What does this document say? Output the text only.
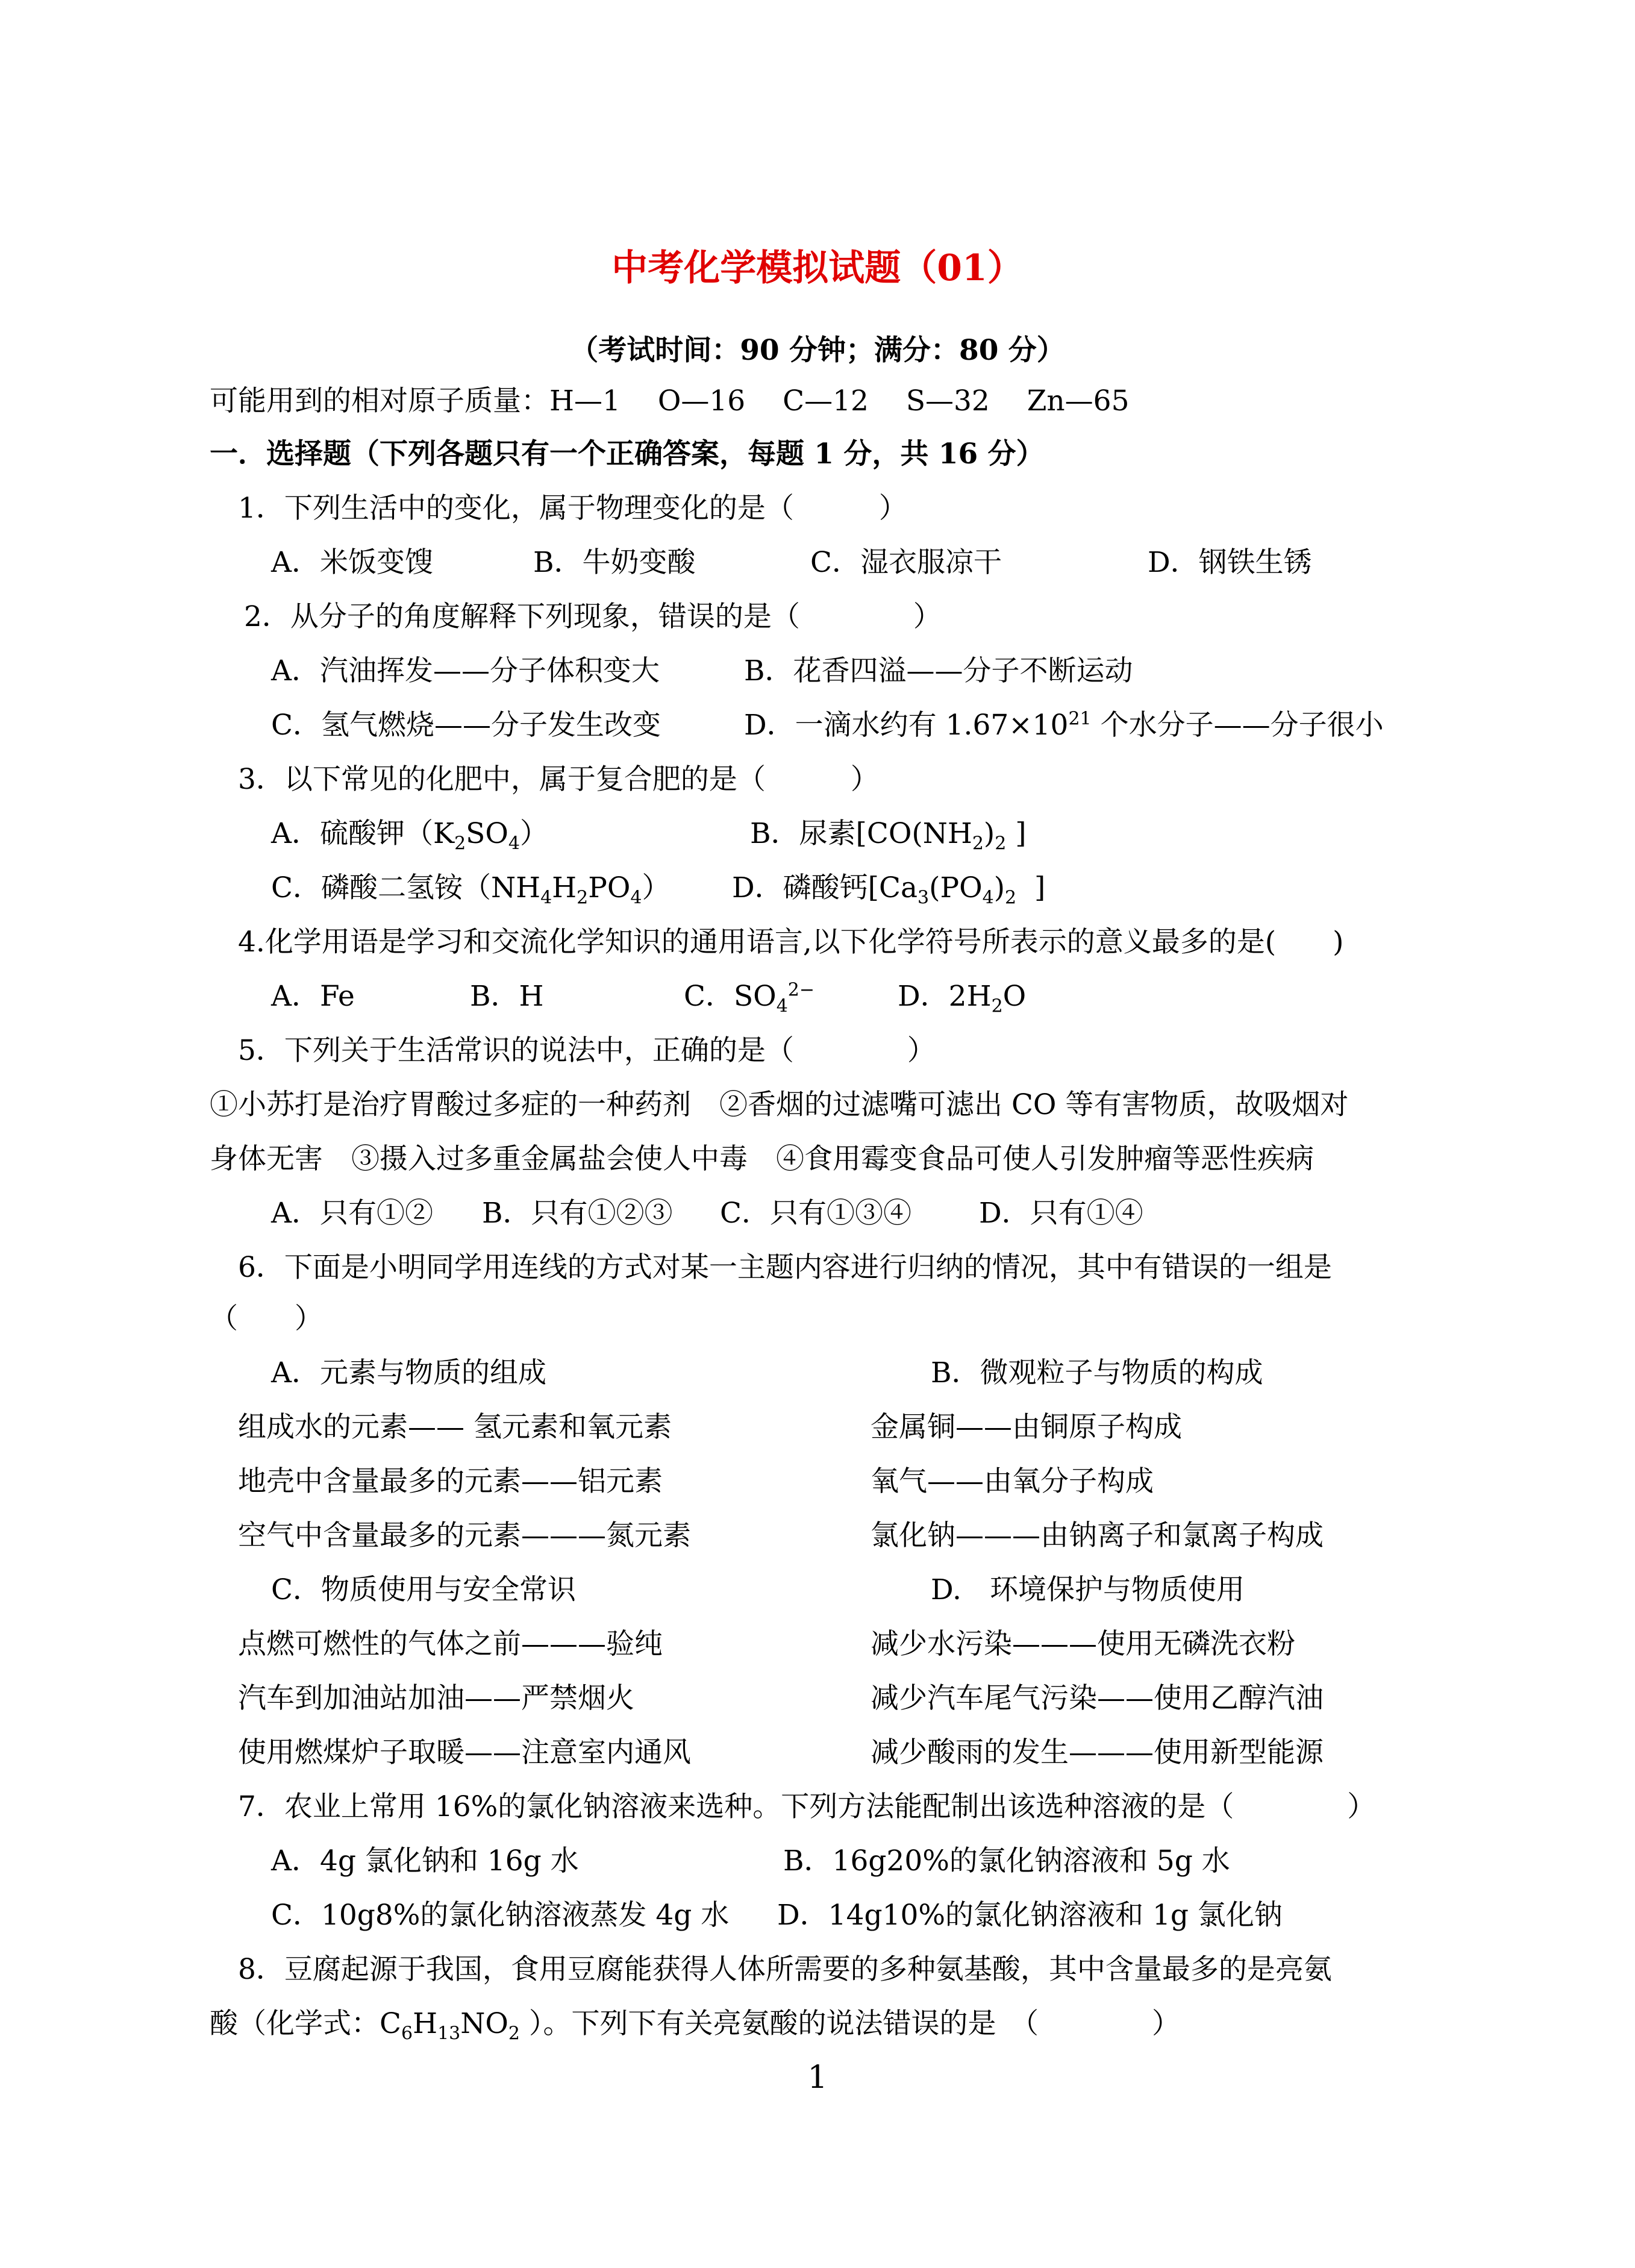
中考化学模拟试题（01）
（考试时间：90 分钟；满分：80 分）
可能用到的相对原子质量：H—1　 O—16　 C—12　 S—32　 Zn—65
一．选择题（下列各题只有一个正确答案，每题 1 分，共 16 分）
1．下列生活中的变化，属于物理变化的是（　　　）
A．米饭变馊	B．牛奶变酸	C．湿衣服凉干	D．钢铁生锈
2．从分子的角度解释下列现象，错误的是（　　　　）
A．汽油挥发——分子体积变大	B．花香四溢——分子不断运动
C．氢气燃烧——分子发生改变	D．一滴水约有 $1.67\times 10^{21}$ 个水分子——分子很小
3．以下常见的化肥中，属于复合肥的是（　　　）
A．硫酸钾$(K_2SO_4)$	B．尿素[$CO(NH_2)_2$ ]
C．磷酸二氢铵$(NH_4H_2PO_4)$ D．磷酸钙[$Ca_3(PO_4)_2$  ]
4.化学用语是学习和交流化学知识的通用语言,以下化学符号所表示的意义最多的是(　　)
A．Fe	B．H	C．$SO_4^{2-}$	D．$2H_2O$
5．下列关于生活常识的说法中，正确的是（　　　　）
①小苏打是治疗胃酸过多症的一种药剂　②香烟的过滤嘴可滤出 CO 等有害物质，故吸烟对
身体无害　③摄入过多重金属盐会使人中毒　④食用霉变食品可使人引发肿瘤等恶性疾病
A．只有①② B．只有①②③ C．只有①③④ D．只有①④
6．下面是小明同学用连线的方式对某一主题内容进行归纳的情况，其中有错误的一组是
（　　）
A．元素与物质的组成	B．微观粒子与物质的构成
组成水的元素—— 氢元素和氧元素	金属铜——由铜原子构成
地壳中含量最多的元素——铝元素	氧气——由氧分子构成
空气中含量最多的元素———氮元素	氯化钠———由钠离子和氯离子构成
C．物质使用与安全常识	D.　环境保护与物质使用
点燃可燃性的气体之前———验纯	减少水污染———使用无磷洗衣粉
汽车到加油站加油——严禁烟火	减少汽车尾气污染——使用乙醇汽油
使用燃煤炉子取暖——注意室内通风	减少酸雨的发生———使用新型能源
7．农业上常用 16%的氯化钠溶液来选种。下列方法能配制出该选种溶液的是（　　　　）
A．4g 氯化钠和 16g 水	B．16g20%的氯化钠溶液和 5g 水
C．10g8%的氯化钠溶液蒸发 4g 水 D．14g10%的氯化钠溶液和 1g 氯化钠
8．豆腐起源于我国，食用豆腐能获得人体所需要的多种氨基酸，其中含量最多的是亮氨
酸（化学式：$C_6H_{13}NO_2$ ）。下列下有关亮氨酸的说法错误的是　（　　　　）
1
